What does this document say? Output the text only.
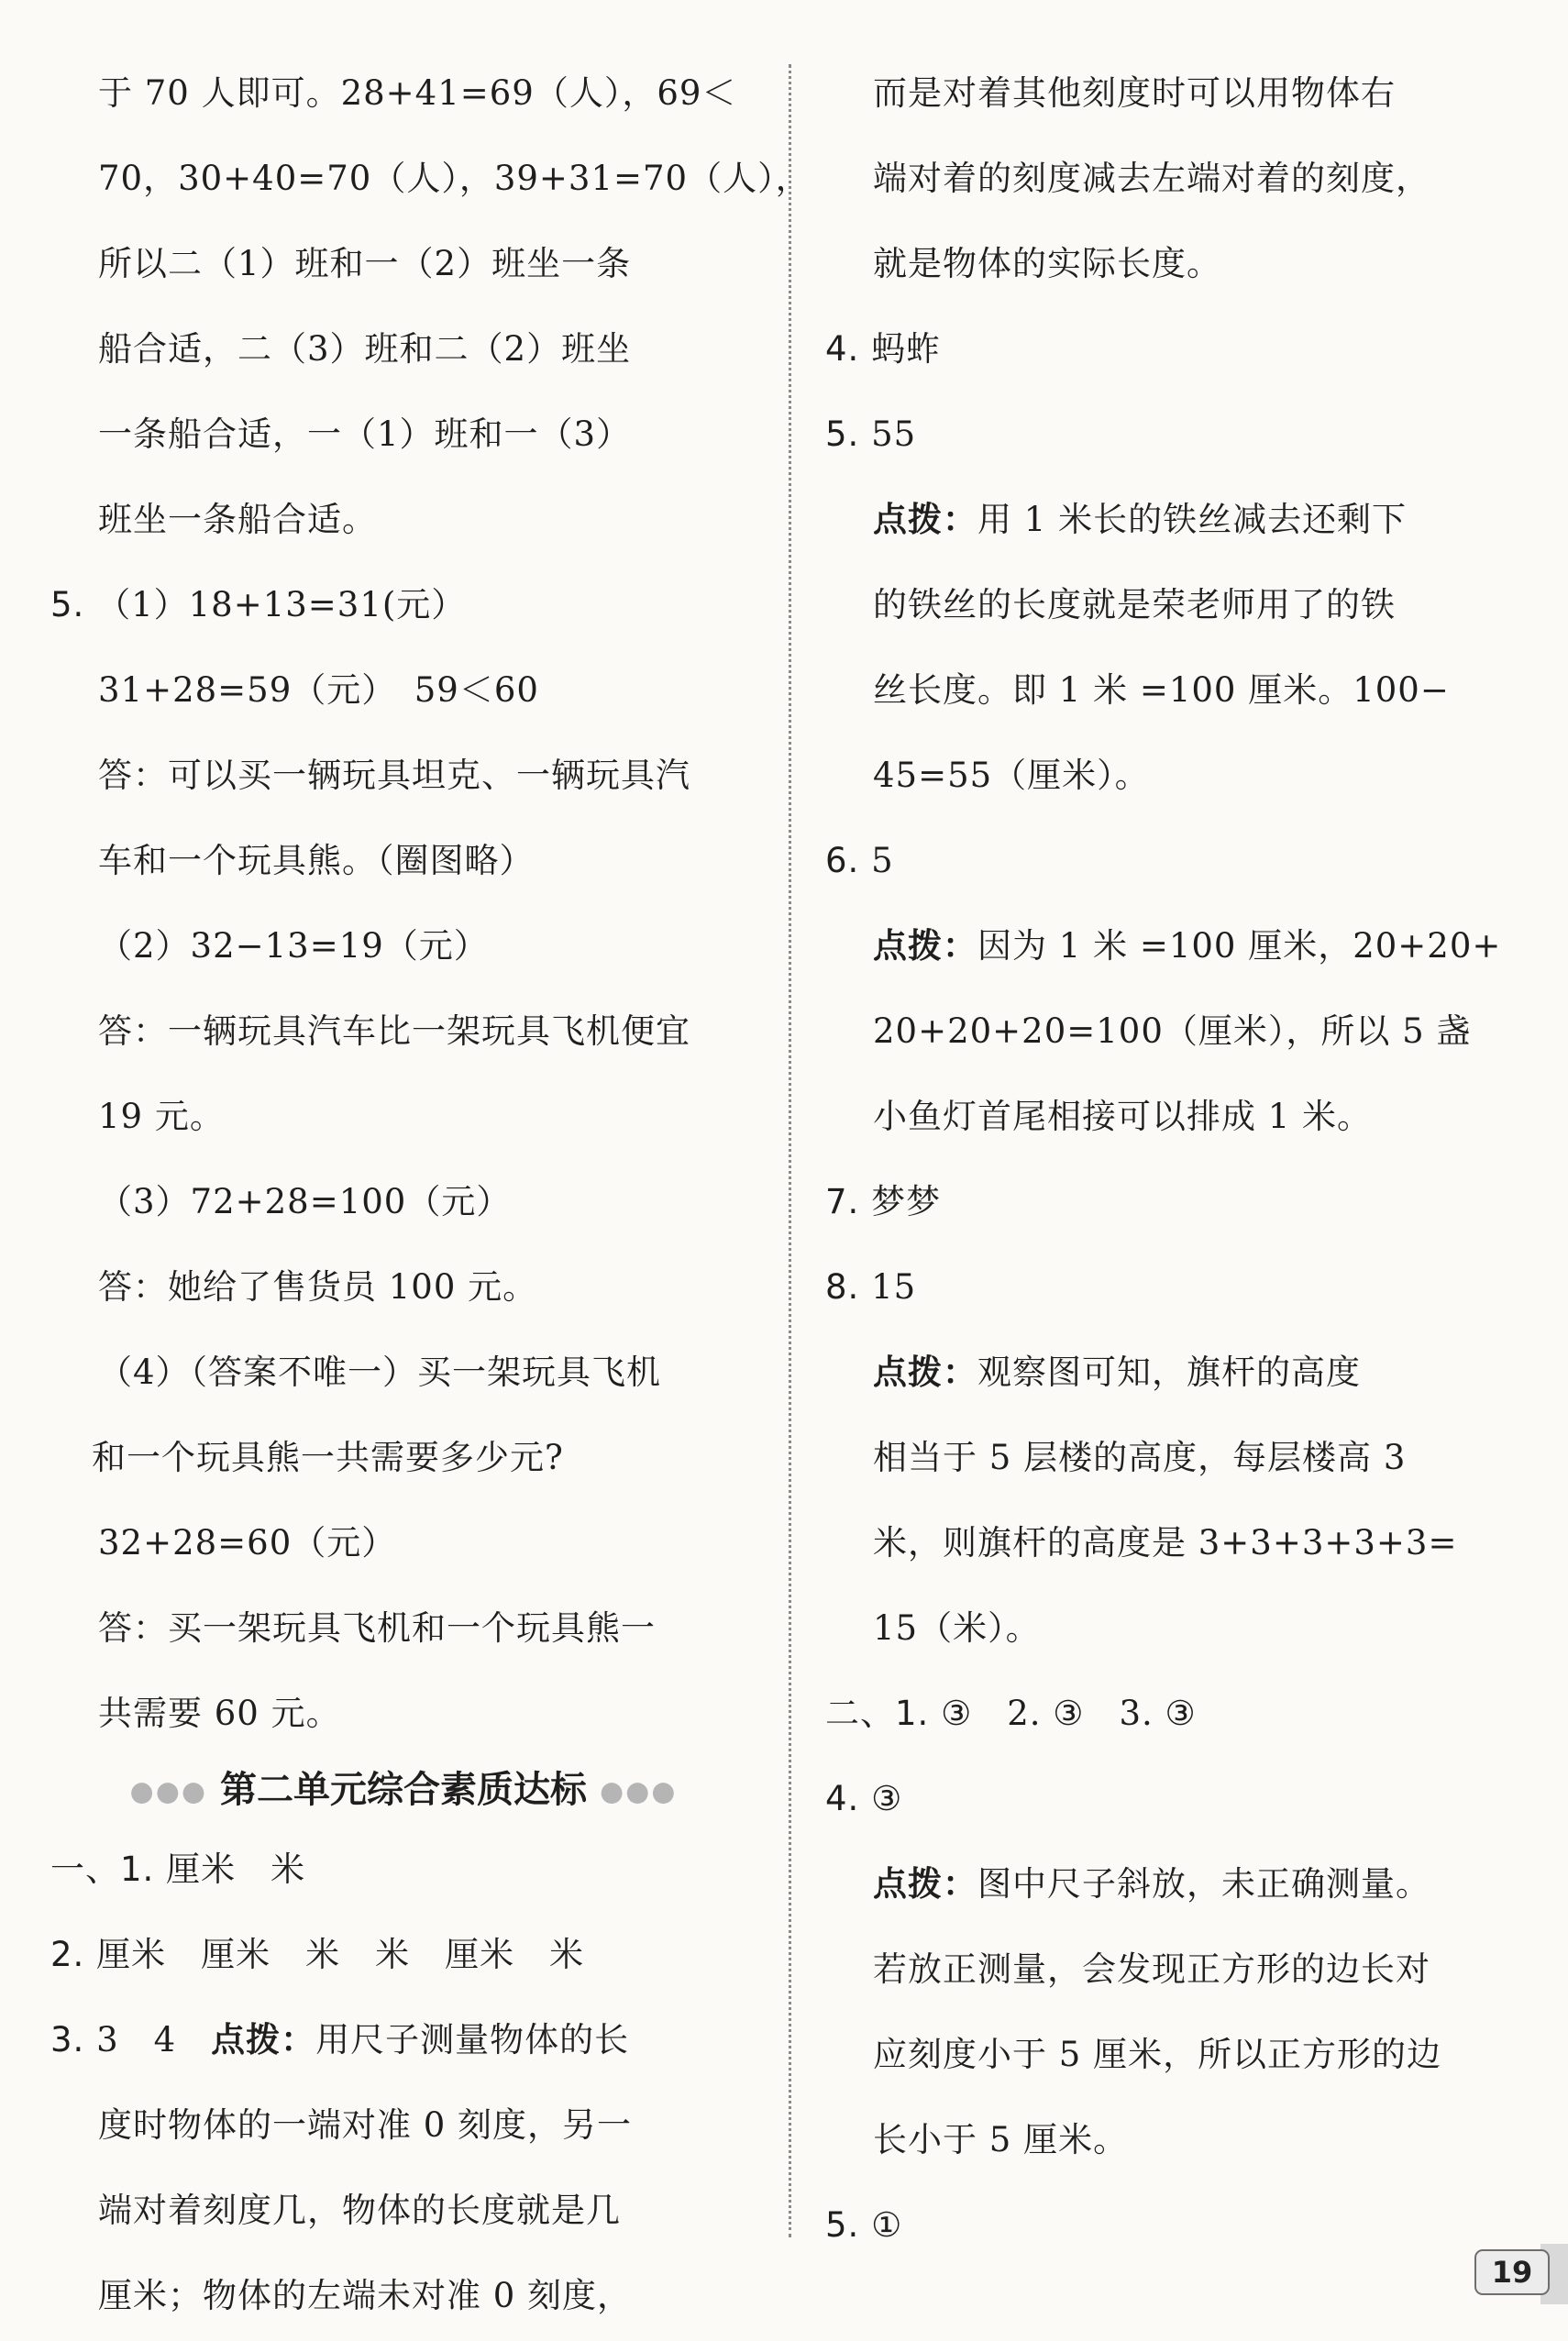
于 70 人即可。28+41=69（人），69＜
70，30+40=70（人），39+31=70（人），
所以二（1）班和一（2）班坐一条
船合适，二（3）班和二（2）班坐
一条船合适，一（1）班和一（3）
班坐一条船合适。
5. （1）18+13=31(元）
31+28=59（元）　59＜60
答：可以买一辆玩具坦克、一辆玩具汽
车和一个玩具熊。（圈图略）
（2）32−13=19（元）
答：一辆玩具汽车比一架玩具飞机便宜
19 元。
（3）72+28=100（元）
答：她给了售货员 100 元。
（4）（答案不唯一）买一架玩具飞机
和一个玩具熊一共需要多少元?
32+28=60（元）
答：买一架玩具飞机和一个玩具熊一
共需要 60 元。
●●● 第二单元综合素质达标 ●●●
一、1. 厘米　米
2. 厘米　厘米　米　米　厘米　米
3. 3　4　点拨：用尺子测量物体的长
度时物体的一端对准 0 刻度，另一
端对着刻度几，物体的长度就是几
厘米；物体的左端未对准 0 刻度，
而是对着其他刻度时可以用物体右
端对着的刻度减去左端对着的刻度，
就是物体的实际长度。
4. 蚂蚱
5. 55
点拨：用 1 米长的铁丝减去还剩下
的铁丝的长度就是荣老师用了的铁
丝长度。即 1 米 =100 厘米。100−
45=55（厘米）。
6. 5
点拨：因为 1 米 =100 厘米，20+20+
20+20+20=100（厘米），所以 5 盏
小鱼灯首尾相接可以排成 1 米。
7. 梦梦
8. 15
点拨：观察图可知，旗杆的高度
相当于 5 层楼的高度，每层楼高 3
米，则旗杆的高度是 3+3+3+3+3=
15（米）。
二、1. ③　2. ③　3. ③
4. ③
点拨：图中尺子斜放，未正确测量。
若放正测量，会发现正方形的边长对
应刻度小于 5 厘米，所以正方形的边
长小于 5 厘米。
5. ①
19
